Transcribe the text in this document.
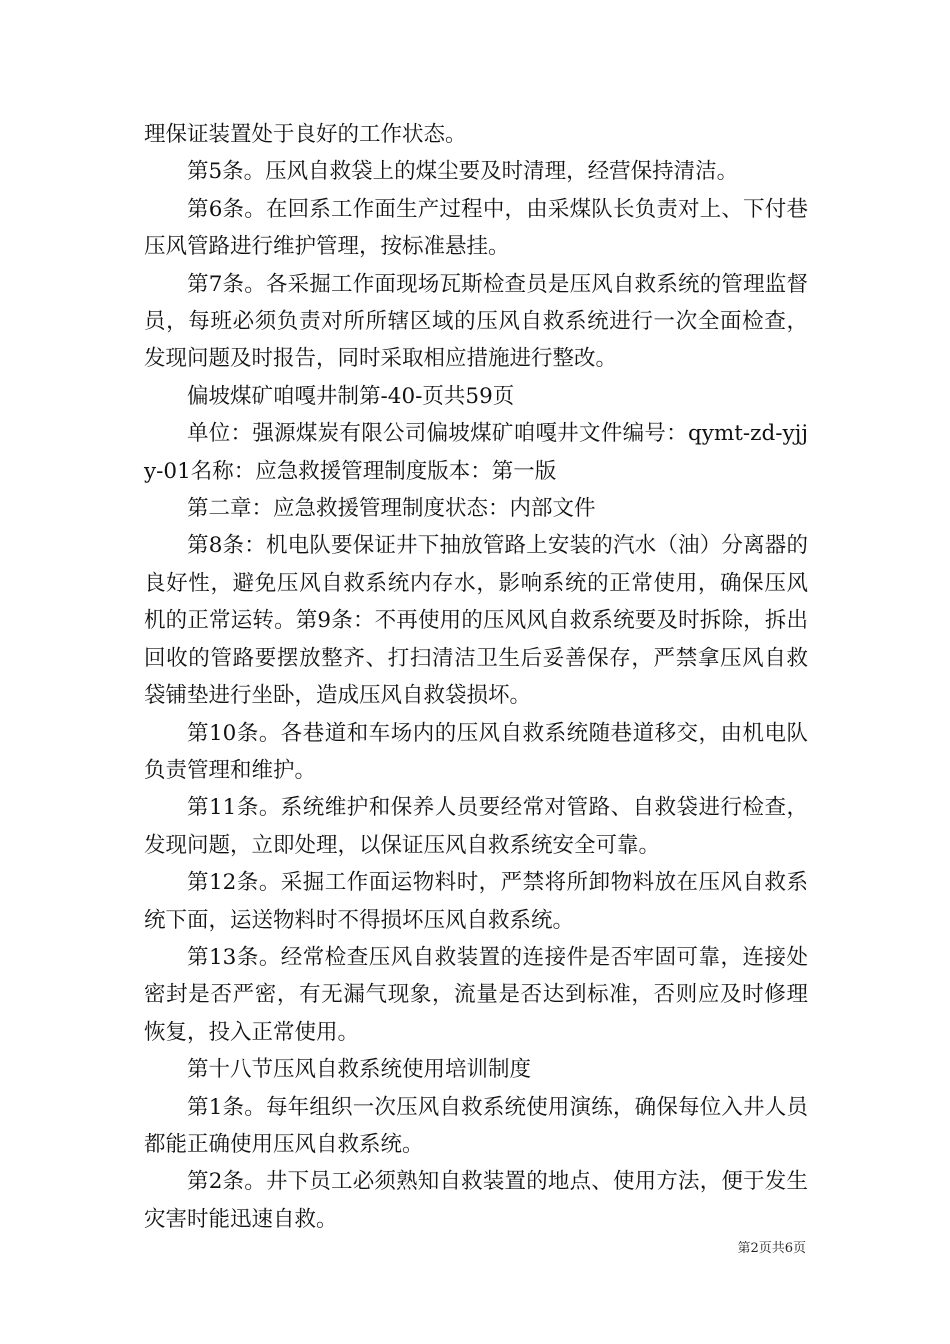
理保证装置处于良好的工作状态。

第5条。压风自救袋上的煤尘要及时清理，经营保持清洁。

第6条。在回系工作面生产过程中，由采煤队长负责对上、下付巷压风管路进行维护管理，按标准悬挂。

第7条。各采掘工作面现场瓦斯检查员是压风自救系统的管理监督员，每班必须负责对所所辖区域的压风自救系统进行一次全面检查，发现问题及时报告，同时采取相应措施进行整改。

偏坡煤矿咱嘎井制第-40-页共59页

单位：强源煤炭有限公司偏坡煤矿咱嘎井文件编号：qymt-zd-yjjy-01名称：应急救援管理制度版本：第一版

第二章：应急救援管理制度状态：内部文件

第8条：机电队要保证井下抽放管路上安装的汽水（油）分离器的良好性，避免压风自救系统内存水，影响系统的正常使用，确保压风机的正常运转。第9条：不再使用的压风风自救系统要及时拆除，拆出回收的管路要摆放整齐、打扫清洁卫生后妥善保存，严禁拿压风自救袋铺垫进行坐卧，造成压风自救袋损坏。

第10条。各巷道和车场内的压风自救系统随巷道移交，由机电队负责管理和维护。

第11条。系统维护和保养人员要经常对管路、自救袋进行检查，发现问题，立即处理，以保证压风自救系统安全可靠。

第12条。采掘工作面运物料时，严禁将所卸物料放在压风自救系统下面，运送物料时不得损坏压风自救系统。

第13条。经常检查压风自救装置的连接件是否牢固可靠，连接处密封是否严密，有无漏气现象，流量是否达到标准，否则应及时修理恢复，投入正常使用。

第十八节压风自救系统使用培训制度

第1条。每年组织一次压风自救系统使用演练，确保每位入井人员都能正确使用压风自救系统。

第2条。井下员工必须熟知自救装置的地点、使用方法，便于发生灾害时能迅速自救。

第2页共6页
